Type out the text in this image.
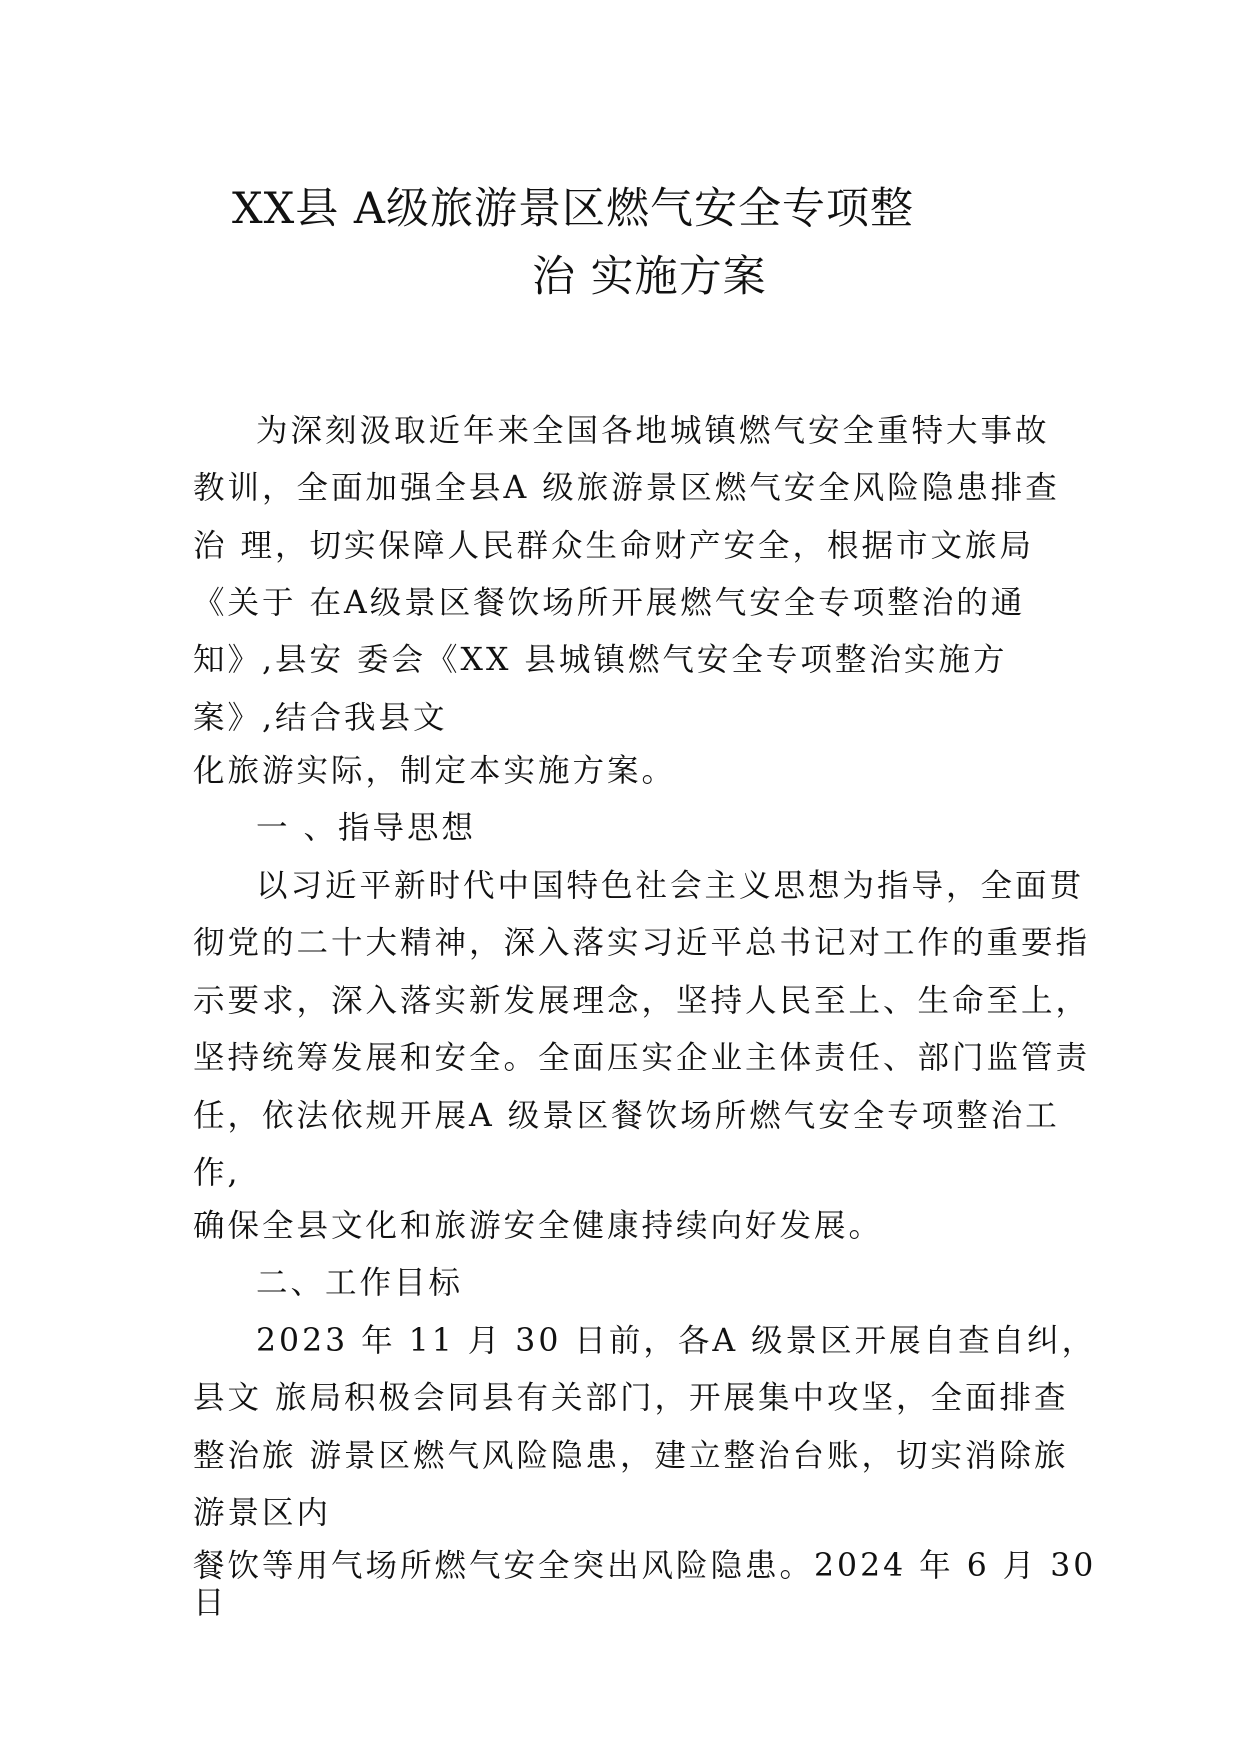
XX县 A级旅游景区燃气安全专项整
治 实施方案
为深刻汲取近年来全国各地城镇燃气安全重特大事故
教训，全面加强全县A 级旅游景区燃气安全风险隐患排查
治 理，切实保障人民群众生命财产安全，根据市文旅局
《关于 在A级景区餐饮场所开展燃气安全专项整治的通
知》,县安 委会《XX 县城镇燃气安全专项整治实施方
案》,结合我县文
化旅游实际，制定本实施方案。
一 、指导思想
以习近平新时代中国特色社会主义思想为指导，全面贯
彻党的二十大精神，深入落实习近平总书记对工作的重要指
示要求，深入落实新发展理念，坚持人民至上、生命至上，
坚持统筹发展和安全。全面压实企业主体责任、部门监管责
任，依法依规开展A 级景区餐饮场所燃气安全专项整治工
作,
确保全县文化和旅游安全健康持续向好发展。
二、工作目标
2023 年 11 月 30 日前，各A 级景区开展自查自纠，
县文 旅局积极会同县有关部门，开展集中攻坚，全面排查
整治旅 游景区燃气风险隐患，建立整治台账，切实消除旅
游景区内
餐饮等用气场所燃气安全突出风险隐患。2024 年 6 月 30
日
